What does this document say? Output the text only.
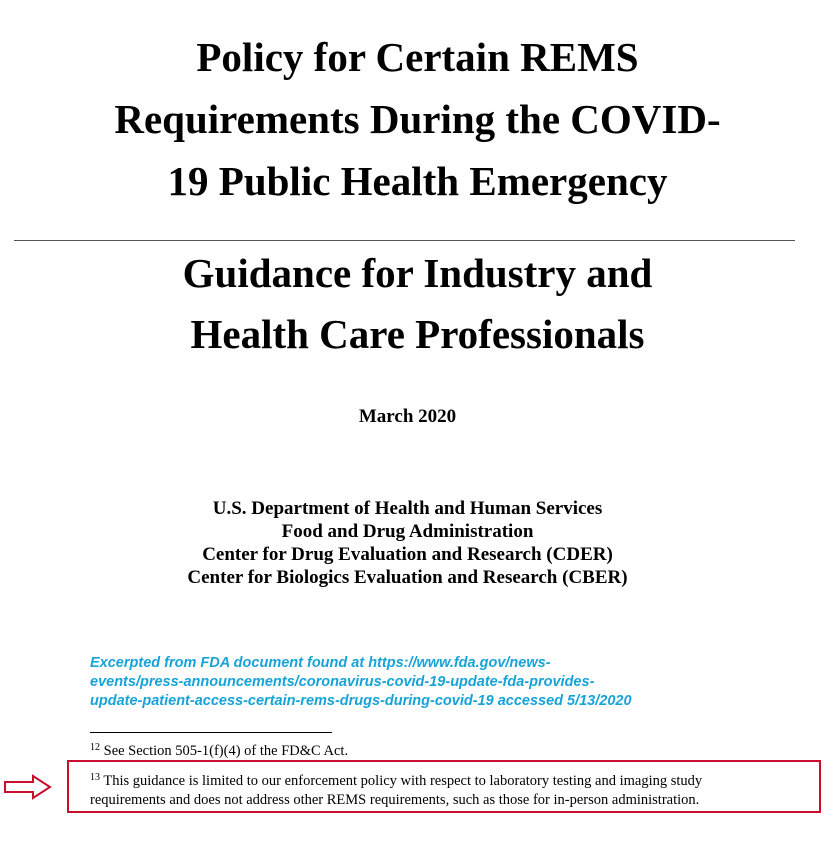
Policy for Certain REMS
Requirements During the COVID-
19 Public Health Emergency
Guidance for Industry and
Health Care Professionals
March 2020
U.S. Department of Health and Human Services
Food and Drug Administration
Center for Drug Evaluation and Research (CDER)
Center for Biologics Evaluation and Research (CBER)
Excerpted from FDA document found at https://www.fda.gov/news-
events/press-announcements/coronavirus-covid-19-update-fda-provides-
update-patient-access-certain-rems-drugs-during-covid-19 accessed 5/13/2020
$^{12}$ See Section 505-1(f)(4) of the FD&C Act.
$^{13}$ This guidance is limited to our enforcement policy with respect to laboratory testing and imaging study
requirements and does not address other REMS requirements, such as those for in-person administration.
